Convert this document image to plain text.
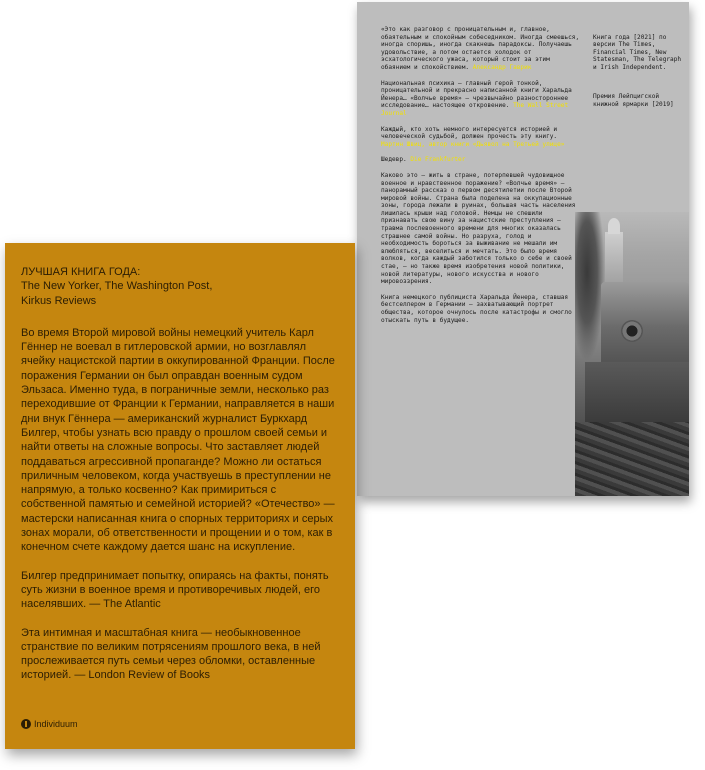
«Это как разговор с проницательным и, главное, обаятельным и спокойным собеседником. Иногда смеешься, иногда споришь, иногда скакнешь парадоксы. Получаешь удовольствие, а потом остается холодок от эсхатологического ужаса, который стоит за этим обаянием и спокойствием. Александр Гаврик

Национальная психика – главный герой тонкой, проницательной и прекрасно написанной книги Харальда Йенера… «Волчье время» – чрезвычайно разностороннее исследование… настоящее откровение. The Wall Street Journal

Каждый, кто хоть немного интересуется историей и человеческой судьбой, должен прочесть эту книгу. Мартин Швиц, автор книги «Дьявол на Третьей улице»

Шедевр. Die Frankfurter

Каково это – жить в стране, потерпевшей чудовищное военное и нравственное поражение? «Волчье время» – панорамный рассказ о первом десятилетии после Второй мировой войны. Страна была поделена на оккупационные зоны, города лежали в руинах, большая часть населения лишилась крыши над головой. Немцы не спешили признавать свою вину за нацистские преступления – травма послевоенного времени для многих оказалась страшнее самой войны. Но разруха, голод и необходимость бороться за выживание не мешали им влюбляться, веселиться и мечтать. Это было время волков, когда каждый заботился только о себе и своей стае, – но также время изобретения новой политики, новой литературы, нового искусства и нового мировоззрения.

Книга немецкого публициста Харальда Йенера, ставшая бестселлером в Германии – захватывающий портрет общества, которое очнулось после катастрофы и смогло отыскать путь в будущее.

Книга года [2021] по версии The Times, Financial Times, New Statesman, The Telegraph и Irish Independent.

Премия Лейпцигской книжной ярмарки [2019]

ЛУЧШАЯ КНИГА ГОДА:
The New Yorker, The Washington Post,
Kirkus Reviews

Во время Второй мировой войны немецкий учитель Карл Гённер не воевал в гитлеровской армии, но возглавлял ячейку нацистской партии в оккупированной Франции. После поражения Германии он был оправдан военным судом Эльзаса. Именно туда, в пограничные земли, несколько раз переходившие от Франции к Германии, направляется в наши дни внук Гённера — американский журналист Буркхард Билгер, чтобы узнать всю правду о прошлом своей семьи и найти ответы на сложные вопросы. Что заставляет людей поддаваться агрессивной пропаганде? Можно ли остаться приличным человеком, когда участвуешь в преступлении не напрямую, а только косвенно? Как примириться с собственной памятью и семейной историей? «Отечество» — мастерски написанная книга о спорных территориях и серых зонах морали, об ответственности и прощении и о том, как в конечном счете каждому дается шанс на искупление.

Билгер предпринимает попытку, опираясь на факты, понять суть жизни в военное время и противоречивых людей, его населявших. — The Atlantic

Эта интимная и масштабная книга — необыкновенное странствие по великим потрясениям прошлого века, в ней прослеживается путь семьи через обломки, оставленные историей. — London Review of Books

Individuum
